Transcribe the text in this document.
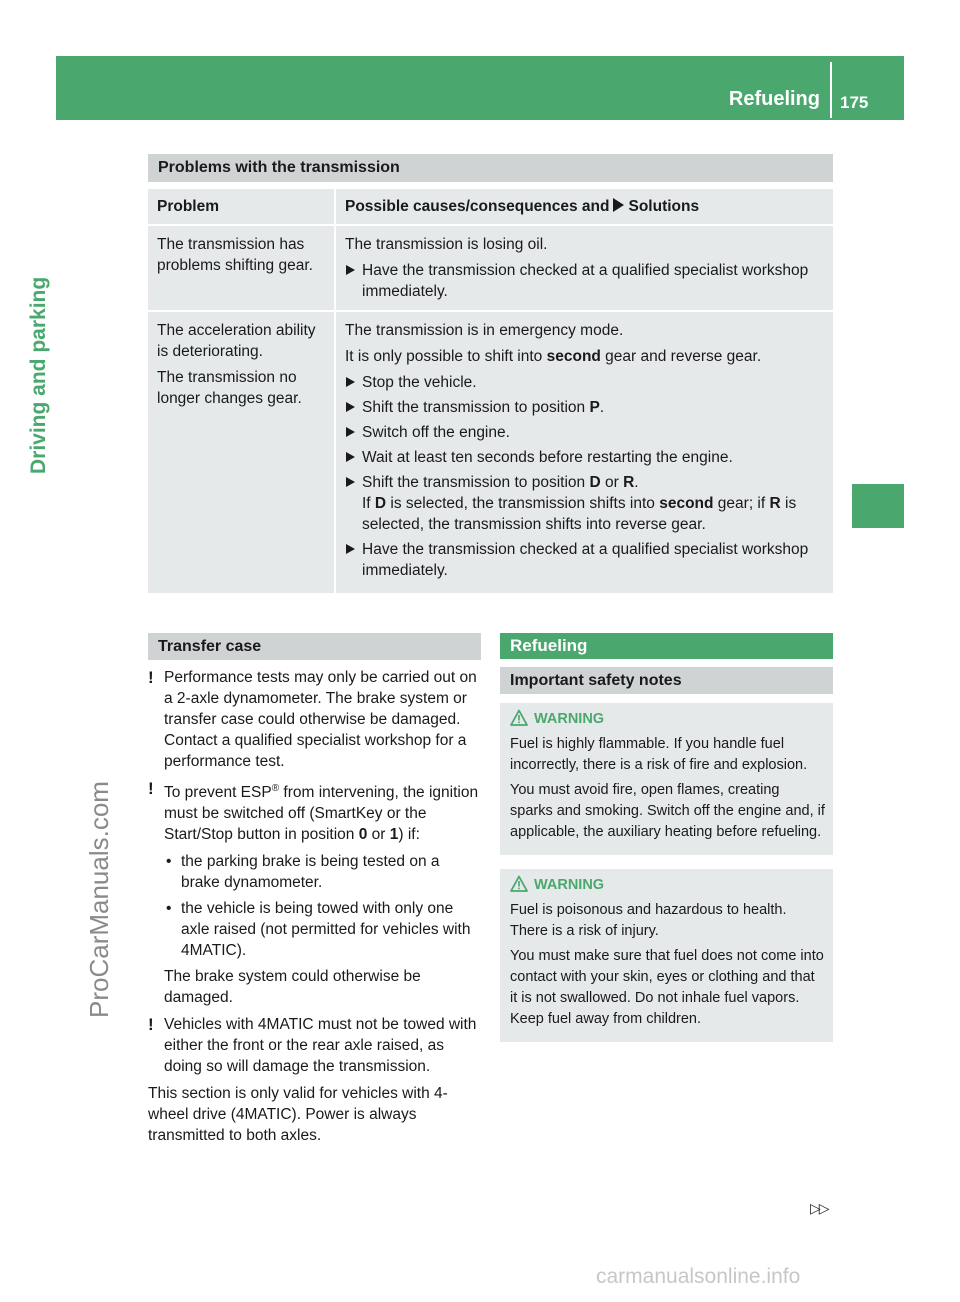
Refueling 175
Driving and parking
ProCarManuals.com
Problems with the transmission
Problem	Possible causes/consequences and Solutions

The transmission has problems shifting gear.

The transmission is losing oil.

Have the transmission checked at a qualified specialist workshop immediately.

The acceleration ability is deteriorating.

The transmission no longer changes gear.

The transmission is in emergency mode.

It is only possible to shift into second gear and reverse gear.

Stop the vehicle.
Shift the transmission to position P.
Switch off the engine.
Wait at least ten seconds before restarting the engine.
Shift the transmission to position D or R.
If D is selected, the transmission shifts into second gear; if R is selected, the transmission shifts into reverse gear.
Have the transmission checked at a qualified specialist workshop immediately.
Transfer case
! Performance tests may only be carried out on a 2-axle dynamometer. The brake system or transfer case could otherwise be damaged. Contact a qualified specialist workshop for a performance test.
! To prevent ESP® from intervening, the ignition must be switched off (SmartKey or the Start/Stop button in position 0 or 1) if:
• the parking brake is being tested on a brake dynamometer.
• the vehicle is being towed with only one axle raised (not permitted for vehicles with 4MATIC).
The brake system could otherwise be damaged.
! Vehicles with 4MATIC must not be towed with either the front or the rear axle raised, as doing so will damage the transmission.

This section is only valid for vehicles with 4-wheel drive (4MATIC). Power is always transmitted to both axles.

Refueling
Important safety notes
WARNING

Fuel is highly flammable. If you handle fuel incorrectly, there is a risk of fire and explosion.

You must avoid fire, open flames, creating sparks and smoking. Switch off the engine and, if applicable, the auxiliary heating before refueling.

WARNING

Fuel is poisonous and hazardous to health. There is a risk of injury.

You must make sure that fuel does not come into contact with your skin, eyes or clothing and that it is not swallowed. Do not inhale fuel vapors. Keep fuel away from children.

▷▷
carmanualsonline.info
